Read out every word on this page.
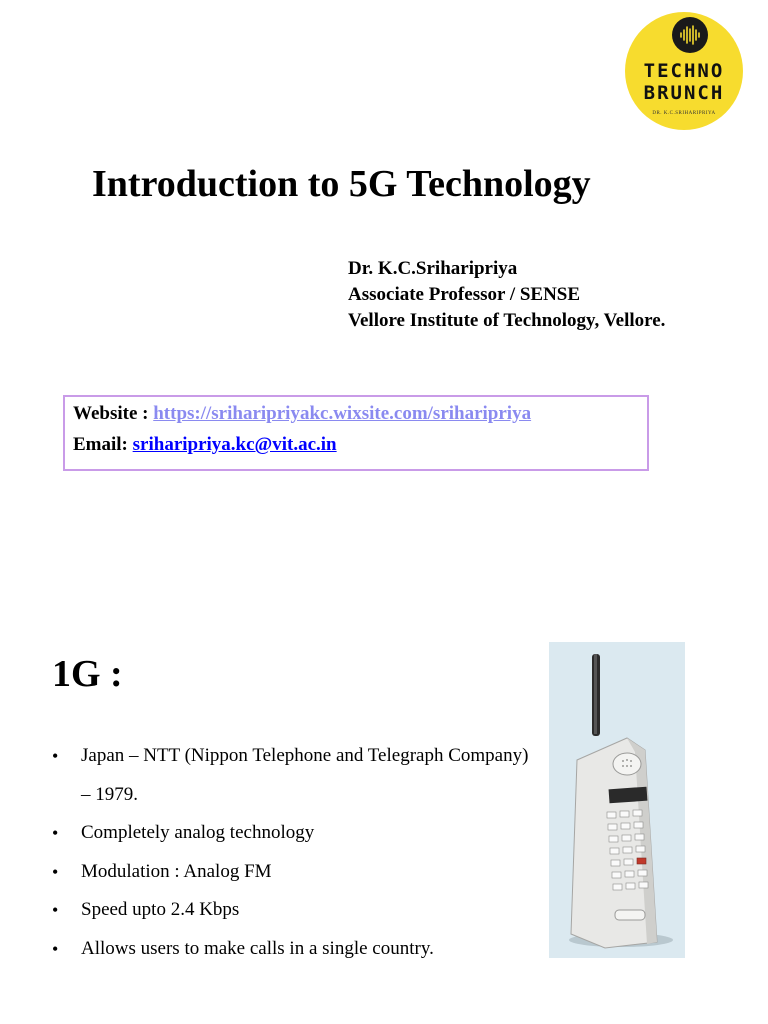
TECHNO
BRUNCH
DR. K.C.SRIHARIPRIYA
Introduction to 5G Technology
Dr. K.C.Sriharipriya
Associate Professor / SENSE
Vellore Institute of Technology, Vellore.
Website : https://sriharipriyakc.wixsite.com/sriharipriya
Email: sriharipriya.kc@vit.ac.in
1G :
• Japan – NTT (Nippon Telephone and Telegraph Company) – 1979.
• Completely analog technology
• Modulation : Analog FM
• Speed upto 2.4 Kbps
• Allows users to make calls in a single country.
